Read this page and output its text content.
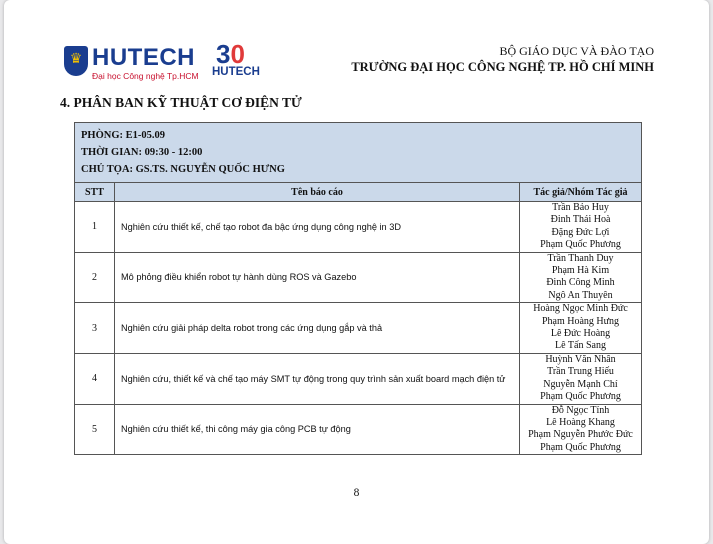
♛ HUTECH
Đại học Công nghệ Tp.HCM
30
HUTECH
BỘ GIÁO DỤC VÀ ĐÀO TẠO
TRƯỜNG ĐẠI HỌC CÔNG NGHỆ TP. HỒ CHÍ MINH
4. PHÂN BAN KỸ THUẬT CƠ ĐIỆN TỬ
PHÒNG: E1-05.09
THỜI GIAN: 09:30 - 12:00
CHỦ TỌA: GS.TS. NGUYỄN QUỐC HƯNG		

STT	Tên báo cáo	Tác giả/Nhóm Tác giả
1	Nghiên cứu thiết kế, chế tạo robot đa bậc ứng dụng công nghệ in 3D	Trần Bảo Huy
Đinh Thái Hoà
Đặng Đức Lợi
Phạm Quốc Phương

2	Mô phỏng điều khiển robot tự hành dùng ROS và Gazebo	Trần Thanh Duy
Phạm Hà Kim
Đinh Công Minh
Ngô An Thuyên

3	Nghiên cứu giải pháp delta robot trong các ứng dụng gắp và thả	Hoàng Ngọc Minh Đức
Phạm Hoàng Hưng
Lê Đức Hoàng
Lê Tấn Sang

4	Nghiên cứu, thiết kế và chế tạo máy SMT tự động trong quy trình sản xuất board mạch điện tử	Huỳnh Văn Nhân
Trần Trung Hiếu
Nguyễn Mạnh Chí
Phạm Quốc Phương

5	Nghiên cứu thiết kế, thi công máy gia công PCB tự động	Đỗ Ngọc Tính
Lê Hoàng Khang
Phạm Nguyễn Phước Đức
Phạm Quốc Phương
8
